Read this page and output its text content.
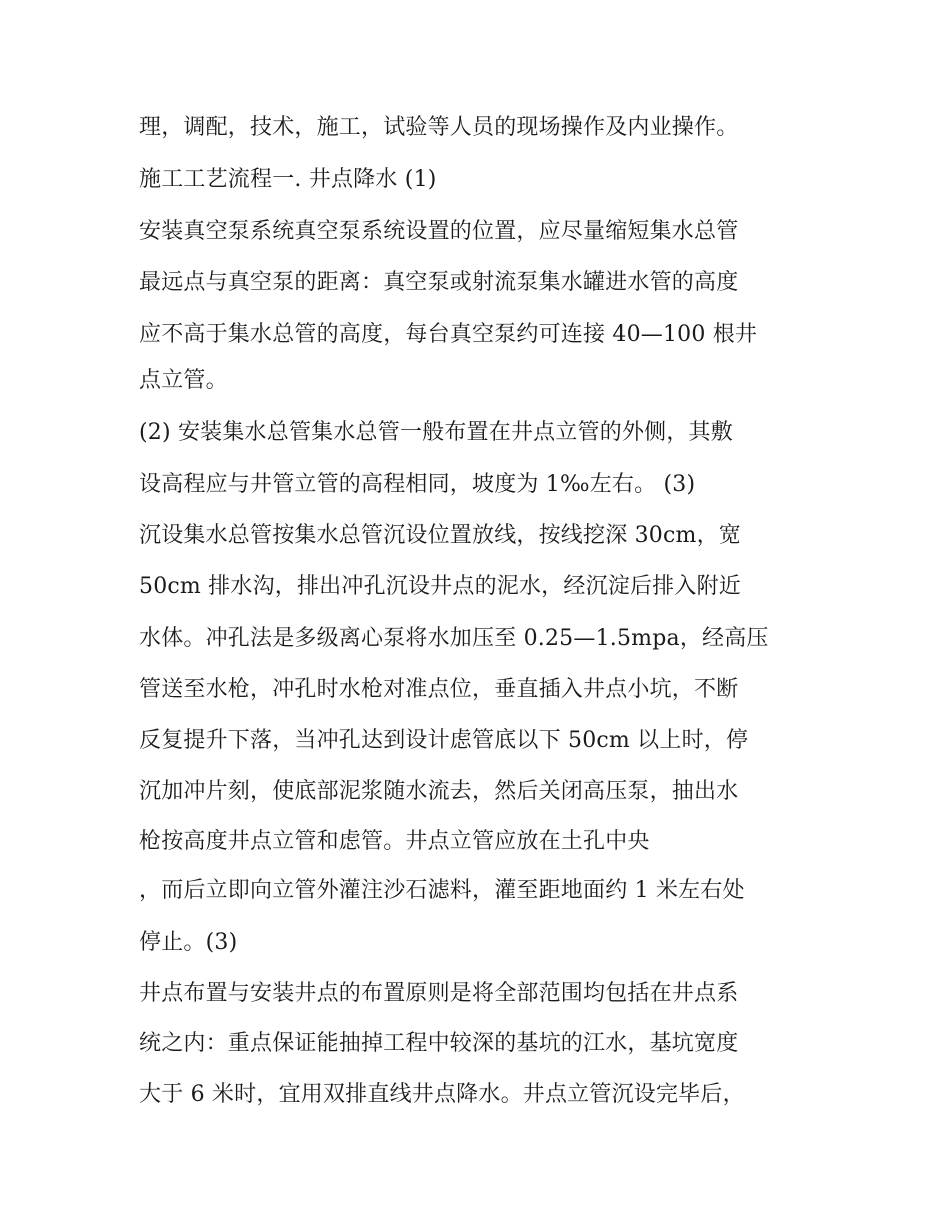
理，调配，技术，施工，试验等人员的现场操作及内业操作。
施工工艺流程一. 井点降水 (1)
安装真空泵系统真空泵系统设置的位置，应尽量缩短集水总管
最远点与真空泵的距离：真空泵或射流泵集水罐进水管的高度
应不高于集水总管的高度，每台真空泵约可连接 40—100 根井
点立管。
(2) 安装集水总管集水总管一般布置在井点立管的外侧，其敷
设高程应与井管立管的高程相同，坡度为 1‰左右。 (3)
沉设集水总管按集水总管沉设位置放线，按线挖深 30cm，宽
50cm 排水沟，排出冲孔沉设井点的泥水，经沉淀后排入附近
水体。冲孔法是多级离心泵将水加压至 0.25—1.5mpa，经高压
管送至水枪，冲孔时水枪对准点位，垂直插入井点小坑，不断
反复提升下落，当冲孔达到设计虑管底以下 50cm 以上时，停
沉加冲片刻，使底部泥浆随水流去，然后关闭高压泵，抽出水
枪按高度井点立管和虑管。井点立管应放在土孔中央
，而后立即向立管外灌注沙石滤料，灌至距地面约 1 米左右处
停止。(3)
井点布置与安装井点的布置原则是将全部范围均包括在井点系
统之内：重点保证能抽掉工程中较深的基坑的江水，基坑宽度
大于 6 米时，宜用双排直线井点降水。井点立管沉设完毕后，
